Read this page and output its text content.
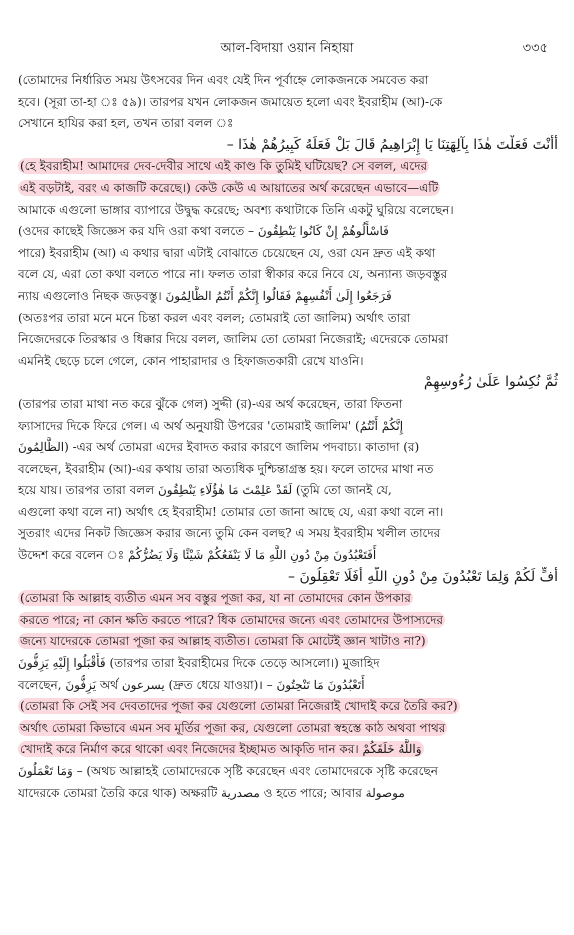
আল-বিদায়া ওয়ান নিহায়া	৩৩৫
(তোমাদের নির্ধারিত সময় উৎসবের দিন এবং যেই দিন পূর্বাহ্নে লোকজনকে সমবেত করা
হবে। (সূরা তা-হা ঃ ৫৯)। তারপর যখন লোকজন জমায়েত হলো এবং ইবরাহীম (আ)-কে
সেখানে হাযির করা হল, তখন তারা বলল ঃ
أَأَنْتَ فَعَلْتَ هٰذَا بِآلِهَتِنَا يَا إِبْرَاهِيمُ قَالَ بَلْ فَعَلَهُ كَبِيرُهُمْ هٰذَا –
(হে ইবরাহীম! আমাদের দেব-দেবীর সাথে এই কাণ্ড কি তুমিই ঘটিয়েছ? সে বলল, এদের
এই বড়টাই, বরং এ কাজটি করেছে।) কেউ কেউ এ আয়াতের অর্থ করেছেন এভাবে—এটি
আমাকে এগুলো ভাঙ্গার ব্যাপারে উদ্বুদ্ধ করেছে; অবশ্য কথাটাকে তিনি একটু ঘুরিয়ে বলেছেন।
(ওদের কাছেই জিজ্ঞেস কর যদি ওরা কথা বলতে – فَاسْأَلُوهُمْ إِنْ كَانُوا يَنْطِقُونَ
পারে) ইবরাহীম (আ) এ কথার দ্বারা এটাই বোঝাতে চেয়েছেন যে, ওরা যেন দ্রুত এই কথা
বলে যে, এরা তো কথা বলতে পারে না। ফলত তারা স্বীকার করে নিবে যে, অন্যান্য জড়বস্তুর
ন্যায় এগুলোও নিছক জড়বস্তু। فَرَجَعُوا إِلَىٰ أَنْفُسِهِمْ فَقَالُوا إِنَّكُمْ أَنْتُمُ الظَّالِمُونَ
(অতঃপর তারা মনে মনে চিন্তা করল এবং বলল; তোমরাই তো জালিম) অর্থাৎ তারা
নিজেদেরকে তিরস্কার ও ধিক্কার দিয়ে বলল, জালিম তো তোমরা নিজেরাই; এদেরকে তোমরা
এমনিই ছেড়ে চলে গেলে, কোন পাহারাদার ও হিফাজতকারী রেখে যাওনি।
ثُمَّ نُكِسُوا عَلَىٰ رُءُوسِهِمْ
(তারপর তারা মাথা নত করে ঝুঁকে গেল) সুদ্দী (র)-এর অর্থ করেছেন, তারা ফিতনা
ফ্যাসাদের দিকে ফিরে গেল। এ অর্থ অনুযায়ী উপরের 'তোমরাই জালিম' (إِنَّكُمْ أَنْتُمُ
الظَّالِمُونَ) -এর অর্থ তোমরা এদের ইবাদত করার কারণে জালিম পদবাচ্য। কাতাদা (র)
বলেছেন, ইবরাহীম (আ)-এর কথায় তারা অত্যধিক দুশ্চিন্তাগ্রস্ত হয়। ফলে তাদের মাথা নত
হয়ে যায়। তারপর তারা বলল لَقَدْ عَلِمْتَ مَا هٰؤُلَاءِ يَنْطِقُونَ (তুমি তো জানই যে,
এগুলো কথা বলে না) অর্থাৎ হে ইবরাহীম! তোমার তো জানা আছে যে, এরা কথা বলে না।
সুতরাং এদের নিকট জিজ্ঞেস করার জন্যে তুমি কেন বলছ? এ সময় ইবরাহীম খলীল তাদের
উদ্দেশ করে বলেন ঃ أَفَتَعْبُدُونَ مِنْ دُونِ اللَّهِ مَا لَا يَنْفَعُكُمْ شَيْئًا وَلَا يَضُرُّكُمْ
أُفٍّ لَكُمْ وَلِمَا تَعْبُدُونَ مِنْ دُونِ اللَّهِ أَفَلَا تَعْقِلُونَ –
(তোমরা কি আল্লাহ ব্যতীত এমন সব বস্তুর পূজা কর, যা না তোমাদের কোন উপকার
করতে পারে; না কোন ক্ষতি করতে পারে? ধিক তোমাদের জন্যে এবং তোমাদের উপাস্যদের
জন্যে যাদেরকে তোমরা পূজা কর আল্লাহ ব্যতীত। তোমরা কি মোটেই জ্ঞান খাটাও না?)
فَأَقْبَلُوا إِلَيْهِ يَزِفُّونَ (তারপর তারা ইবরাহীমের দিকে তেড়ে আসলো।) মুজাহিদ
বলেছেন, يَزِفُّونَ অর্থ يسرعون (দ্রুত ধেয়ে যাওয়া)। – أَتَعْبُدُونَ مَا تَنْحِتُونَ
(তোমরা কি সেই সব দেবতাদের পূজা কর যেগুলো তোমরা নিজেরাই খোদাই করে তৈরি কর?)
অর্থাৎ তোমরা কিভাবে এমন সব মূর্তির পূজা কর, যেগুলো তোমরা স্বহস্তে কাঠ অথবা পাথর
খোদাই করে নির্মাণ করে থাকো এবং নিজেদের ইচ্ছামত আকৃতি দান কর। وَاللَّهُ خَلَقَكُمْ
وَمَا تَعْمَلُونَ – (অথচ আল্লাহই তোমাদেরকে সৃষ্টি করেছেন এবং তোমাদেরকে সৃষ্টি করেছেন
যাদেরকে তোমরা তৈরি করে থাক) অক্ষরটি مصدرية ও হতে পারে; আবার موصولة
